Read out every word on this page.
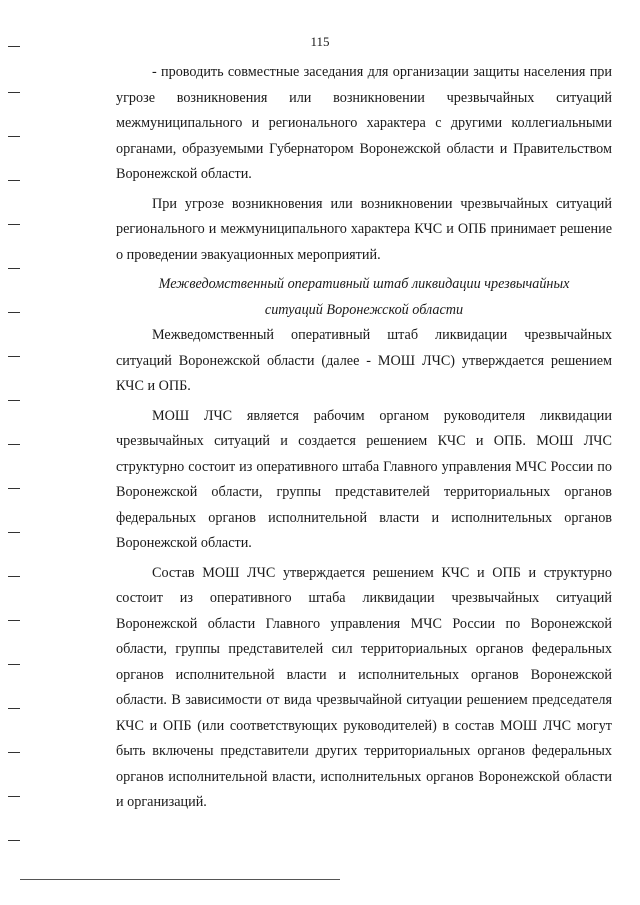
115

- проводить совместные заседания для организации защиты населения при угрозе возникновения или возникновении чрезвычайных ситуаций межмуниципального и регионального характера с другими коллегиальными органами, образуемыми Губернатором Воронежской области и Правительством Воронежской области.

При угрозе возникновения или возникновении чрезвычайных ситуаций регионального и межмуниципального характера КЧС и ОПБ принимает решение о проведении эвакуационных мероприятий.

Межведомственный оперативный штаб ликвидации чрезвычайных
ситуаций Воронежской области

Межведомственный оперативный штаб ликвидации чрезвычайных ситуаций Воронежской области (далее - МОШ ЛЧС) утверждается решением КЧС и ОПБ.

МОШ ЛЧС является рабочим органом руководителя ликвидации чрезвычайных ситуаций и создается решением КЧС и ОПБ. МОШ ЛЧС структурно состоит из оперативного штаба Главного управления МЧС России по Воронежской области, группы представителей территориальных органов федеральных органов исполнительной власти и исполнительных органов Воронежской области.

Состав МОШ ЛЧС утверждается решением КЧС и ОПБ и структурно состоит из оперативного штаба ликвидации чрезвычайных ситуаций Воронежской области Главного управления МЧС России по Воронежской области, группы представителей сил территориальных органов федеральных органов исполнительной власти и исполнительных органов Воронежской области. В зависимости от вида чрезвычайной ситуации решением председателя КЧС и ОПБ (или соответствующих руководителей) в состав МОШ ЛЧС могут быть включены представители других территориальных органов федеральных органов исполнительной власти, исполнительных органов Воронежской области и организаций.
